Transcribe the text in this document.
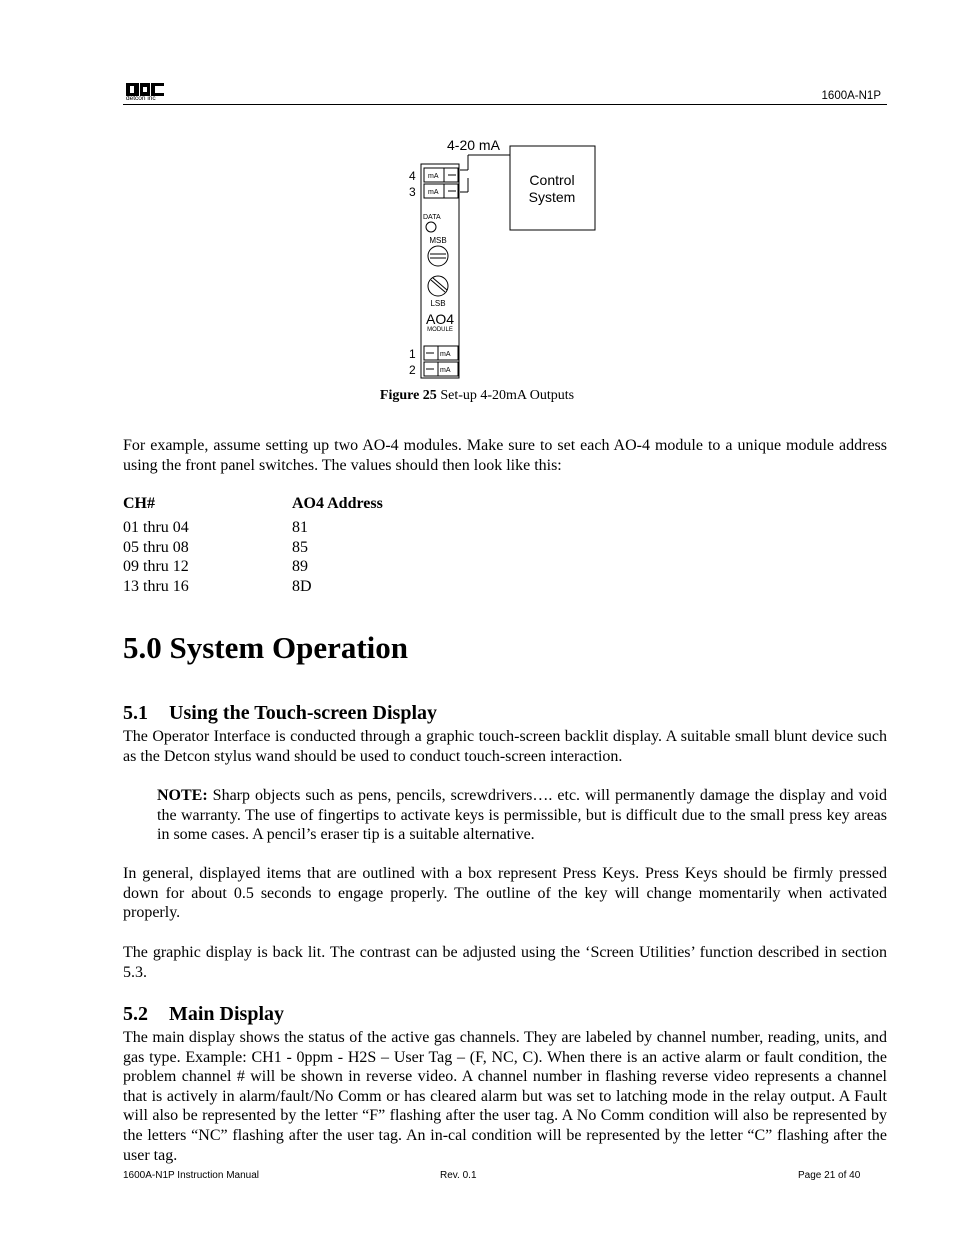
detcon inc	1600A-N1P
4-20 mA
Control
System
4
3
1
2
mA
mA
mA
mA
DATA
MSB
LSB
AO4
MODULE
Figure 25 Set-up 4-20mA Outputs
For example, assume setting up two AO-4 modules. Make sure to set each AO-4 module to a unique module address using the front panel switches. The values should then look like this:
CH#	AO4 Address
01 thru 04	81
05 thru 08	85
09 thru 12	89
13 thru 16	8D
5.0 System Operation
5.1 Using the Touch-screen Display
The Operator Interface is conducted through a graphic touch-screen backlit display. A suitable small blunt device such as the Detcon stylus wand should be used to conduct touch-screen interaction.
NOTE: Sharp objects such as pens, pencils, screwdrivers…. etc. will permanently damage the display and void the warranty. The use of fingertips to activate keys is permissible, but is difficult due to the small press key areas in some cases. A pencil’s eraser tip is a suitable alternative.
In general, displayed items that are outlined with a box represent Press Keys. Press Keys should be firmly pressed down for about 0.5 seconds to engage properly. The outline of the key will change momentarily when activated properly.
The graphic display is back lit. The contrast can be adjusted using the ‘Screen Utilities’ function described in section 5.3.
5.2 Main Display
The main display shows the status of the active gas channels. They are labeled by channel number, reading, units, and gas type. Example: CH1 - 0ppm - H2S – User Tag – (F, NC, C). When there is an active alarm or fault condition, the problem channel # will be shown in reverse video. A channel number in flashing reverse video represents a channel that is actively in alarm/fault/No Comm or has cleared alarm but was set to latching mode in the relay output. A Fault will also be represented by the letter “F” flashing after the user tag. A No Comm condition will also be represented by the letters “NC” flashing after the user tag. An in-cal condition will be represented by the letter “C” flashing after the user tag.
1600A-N1P Instruction Manual	Rev. 0.1	Page 21 of 40
